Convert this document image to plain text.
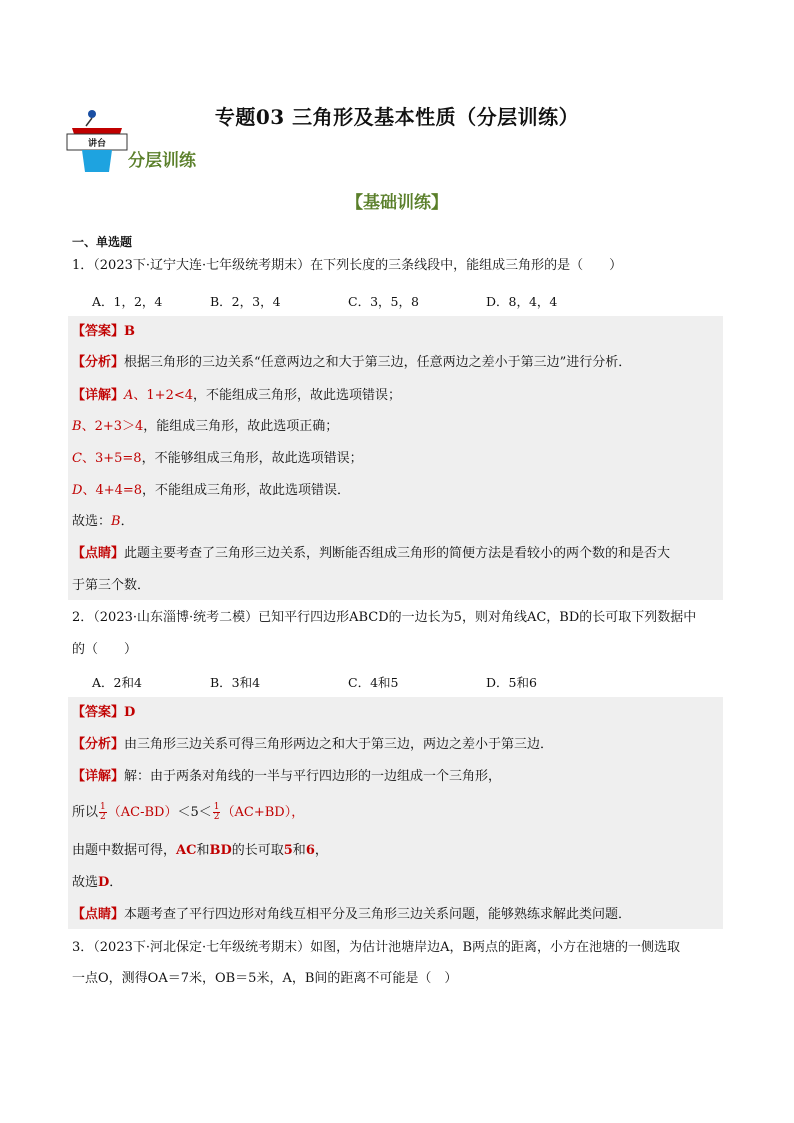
专题03 三角形及基本性质（分层训练）
讲台
分层训练
【基础训练】
一、单选题
1．（2023下·辽宁大连·七年级统考期末）在下列长度的三条线段中，能组成三角形的是（　　）
A．1，2，4	B．2，3，4	C．3，5，8	D．8，4，4
【答案】B
【分析】根据三角形的三边关系“任意两边之和大于第三边，任意两边之差小于第三边”进行分析．
【详解】A、1+2<4，不能组成三角形，故此选项错误；
B、2+3＞4，能组成三角形，故此选项正确；
C、3+5=8，不能够组成三角形，故此选项错误；
D、4+4=8，不能组成三角形，故此选项错误．
故选：B．
【点睛】此题主要考查了三角形三边关系，判断能否组成三角形的简便方法是看较小的两个数的和是否大
于第三个数．
2．（2023·山东淄博·统考二模）已知平行四边形ABCD的一边长为5，则对角线AC，BD的长可取下列数据中
的（　　）
A．2和4	B．3和4	C．4和5	D．5和6
【答案】D
【分析】由三角形三边关系可得三角形两边之和大于第三边，两边之差小于第三边．
【详解】解：由于两条对角线的一半与平行四边形的一边组成一个三角形，
所以 $\frac{1}{2} (AC-BD)<5< \frac{1}{2} (AC+BD)$，
由题中数据可得，AC和BD的长可取5和6，
故选D．
【点睛】本题考查了平行四边形对角线互相平分及三角形三边关系问题，能够熟练求解此类问题．
3．（2023下·河北保定·七年级统考期末）如图，为估计池塘岸边A，B两点的距离，小方在池塘的一侧选取
一点O，测得OA＝7米，OB＝5米，A，B间的距离不可能是（　）
